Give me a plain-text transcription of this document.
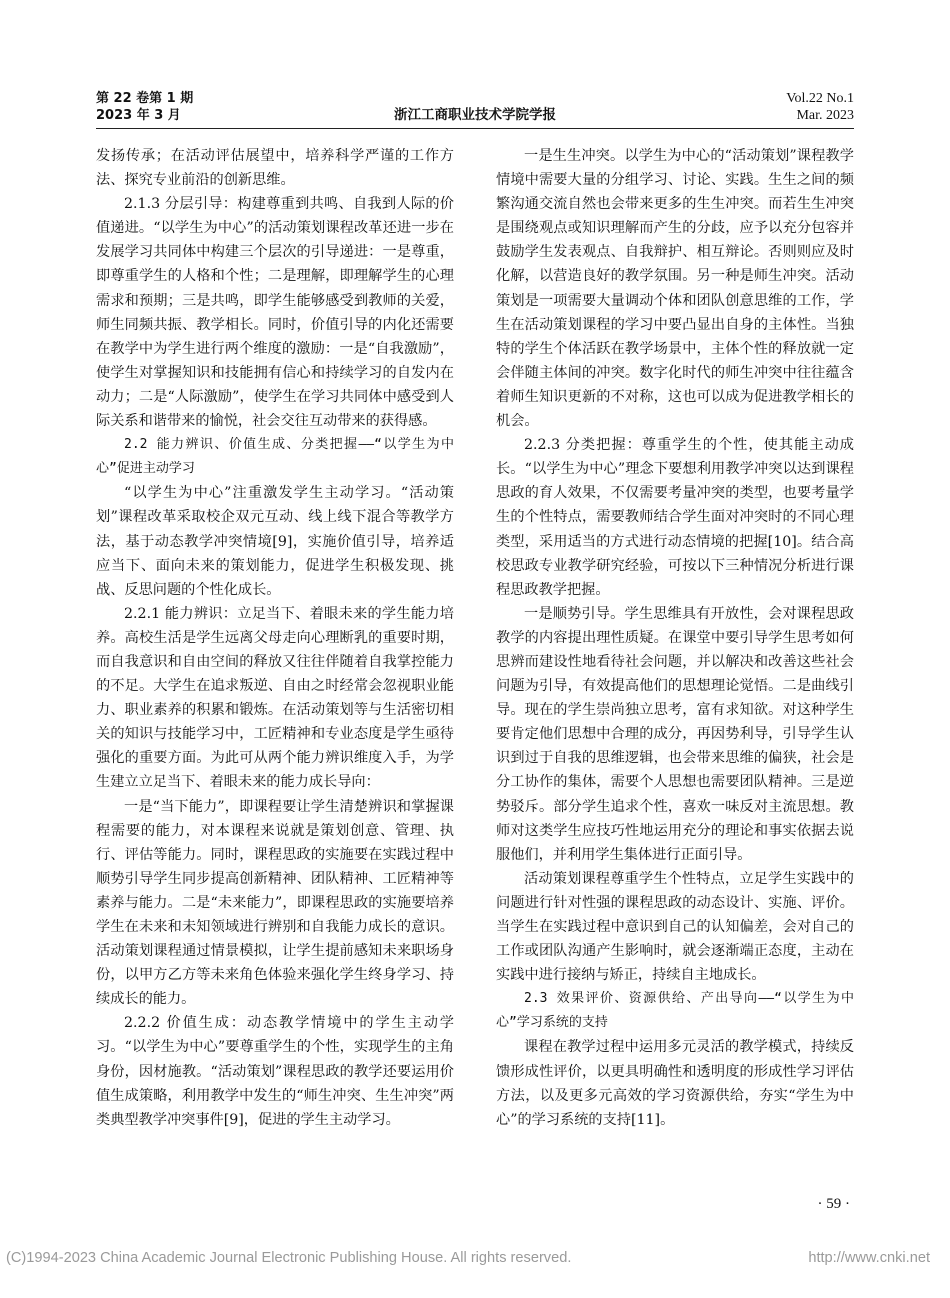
第 22 卷第 1 期
2023 年 3 月	浙江工商职业技术学院学报
Vol.22 No.1
Mar. 2023

发扬传承；在活动评估展望中，培养科学严谨的工作方法、探究专业前沿的创新思维。

2.1.3 分层引导：构建尊重到共鸣、自我到人际的价值递进。“以学生为中心”的活动策划课程改革还进一步在发展学习共同体中构建三个层次的引导递进：一是尊重，即尊重学生的人格和个性；二是理解，即理解学生的心理需求和预期；三是共鸣，即学生能够感受到教师的关爱，师生同频共振、教学相长。同时，价值引导的内化还需要在教学中为学生进行两个维度的激励：一是“自我激励”，使学生对掌握知识和技能拥有信心和持续学习的自发内在动力；二是“人际激励”，使学生在学习共同体中感受到人际关系和谐带来的愉悦，社会交往互动带来的获得感。

2.2 能力辨识、价值生成、分类把握——“以学生为中心”促进主动学习

“以学生为中心”注重激发学生主动学习。“活动策划”课程改革采取校企双元互动、线上线下混合等教学方法，基于动态教学冲突情境[9]，实施价值引导，培养适应当下、面向未来的策划能力，促进学生积极发现、挑战、反思问题的个性化成长。

2.2.1 能力辨识：立足当下、着眼未来的学生能力培养。高校生活是学生远离父母走向心理断乳的重要时期，而自我意识和自由空间的释放又往往伴随着自我掌控能力的不足。大学生在追求叛逆、自由之时经常会忽视职业能力、职业素养的积累和锻炼。在活动策划等与生活密切相关的知识与技能学习中，工匠精神和专业态度是学生亟待强化的重要方面。为此可从两个能力辨识维度入手，为学生建立立足当下、着眼未来的能力成长导向：

一是“当下能力”，即课程要让学生清楚辨识和掌握课程需要的能力，对本课程来说就是策划创意、管理、执行、评估等能力。同时，课程思政的实施要在实践过程中顺势引导学生同步提高创新精神、团队精神、工匠精神等素养与能力。二是“未来能力”，即课程思政的实施要培养学生在未来和未知领域进行辨别和自我能力成长的意识。活动策划课程通过情景模拟，让学生提前感知未来职场身份，以甲方乙方等未来角色体验来强化学生终身学习、持续成长的能力。

2.2.2 价值生成：动态教学情境中的学生主动学习。“以学生为中心”要尊重学生的个性，实现学生的主角身份，因材施教。“活动策划”课程思政的教学还要运用价值生成策略，利用教学中发生的“师生冲突、生生冲突”两类典型教学冲突事件[9]，促进的学生主动学习。

一是生生冲突。以学生为中心的“活动策划”课程教学情境中需要大量的分组学习、讨论、实践。生生之间的频繁沟通交流自然也会带来更多的生生冲突。而若生生冲突是围绕观点或知识理解而产生的分歧，应予以充分包容并鼓励学生发表观点、自我辩护、相互辩论。否则则应及时化解，以营造良好的教学氛围。另一种是师生冲突。活动策划是一项需要大量调动个体和团队创意思维的工作，学生在活动策划课程的学习中要凸显出自身的主体性。当独特的学生个体活跃在教学场景中，主体个性的释放就一定会伴随主体间的冲突。数字化时代的师生冲突中往往蕴含着师生知识更新的不对称，这也可以成为促进教学相长的机会。

2.2.3 分类把握：尊重学生的个性，使其能主动成长。“以学生为中心”理念下要想利用教学冲突以达到课程思政的育人效果，不仅需要考量冲突的类型，也要考量学生的个性特点，需要教师结合学生面对冲突时的不同心理类型，采用适当的方式进行动态情境的把握[10]。结合高校思政专业教学研究经验，可按以下三种情况分析进行课程思政教学把握。

一是顺势引导。学生思维具有开放性，会对课程思政教学的内容提出理性质疑。在课堂中要引导学生思考如何思辨而建设性地看待社会问题，并以解决和改善这些社会问题为引导，有效提高他们的思想理论觉悟。二是曲线引导。现在的学生崇尚独立思考，富有求知欲。对这种学生要肯定他们思想中合理的成分，再因势利导，引导学生认识到过于自我的思维逻辑，也会带来思维的偏狭，社会是分工协作的集体，需要个人思想也需要团队精神。三是逆势驳斥。部分学生追求个性，喜欢一味反对主流思想。教师对这类学生应技巧性地运用充分的理论和事实依据去说服他们，并利用学生集体进行正面引导。

活动策划课程尊重学生个性特点，立足学生实践中的问题进行针对性强的课程思政的动态设计、实施、评价。当学生在实践过程中意识到自己的认知偏差，会对自己的工作或团队沟通产生影响时，就会逐渐端正态度，主动在实践中进行接纳与矫正，持续自主地成长。

2.3 效果评价、资源供给、产出导向——“以学生为中心”学习系统的支持

课程在教学过程中运用多元灵活的教学模式，持续反馈形成性评价，以更具明确性和透明度的形成性学习评估方法，以及更多元高效的学习资源供给，夯实“学生为中心”的学习系统的支持[11]。

· 59 ·
(C)1994-2023 China Academic Journal Electronic Publishing House. All rights reserved.	http://www.cnki.net
